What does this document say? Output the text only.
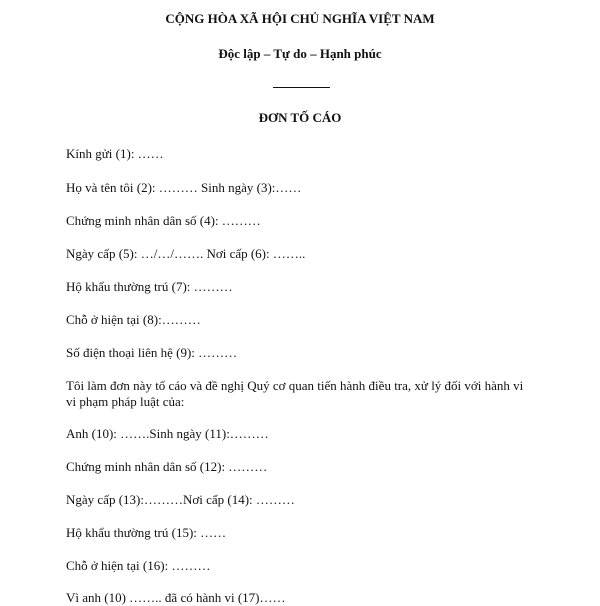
CỘNG HÒA XÃ HỘI CHỦ NGHĨA VIỆT NAM
Độc lập – Tự do – Hạnh phúc
ĐƠN TỐ CÁO
Kính gửi (1): ……
Họ và tên tôi (2): ……… Sinh ngày (3):……
Chứng minh nhân dân số (4): ………
Ngày cấp (5): …/…/……. Nơi cấp (6): ……..
Hộ khẩu thường trú (7): ………
Chỗ ở hiện tại (8):………
Số điện thoại liên hệ (9): ………
Tôi làm đơn này tố cáo và đề nghị Quý cơ quan tiến hành điều tra, xử lý đối với hành vi vi phạm pháp luật của:
Anh (10): …….Sinh ngày (11):………
Chứng minh nhân dân số (12): ………
Ngày cấp (13):………Nơi cấp (14): ………
Hộ khẩu thường trú (15): ……
Chỗ ở hiện tại (16): ………
Vì anh (10) …….. đã có hành vi (17)……
